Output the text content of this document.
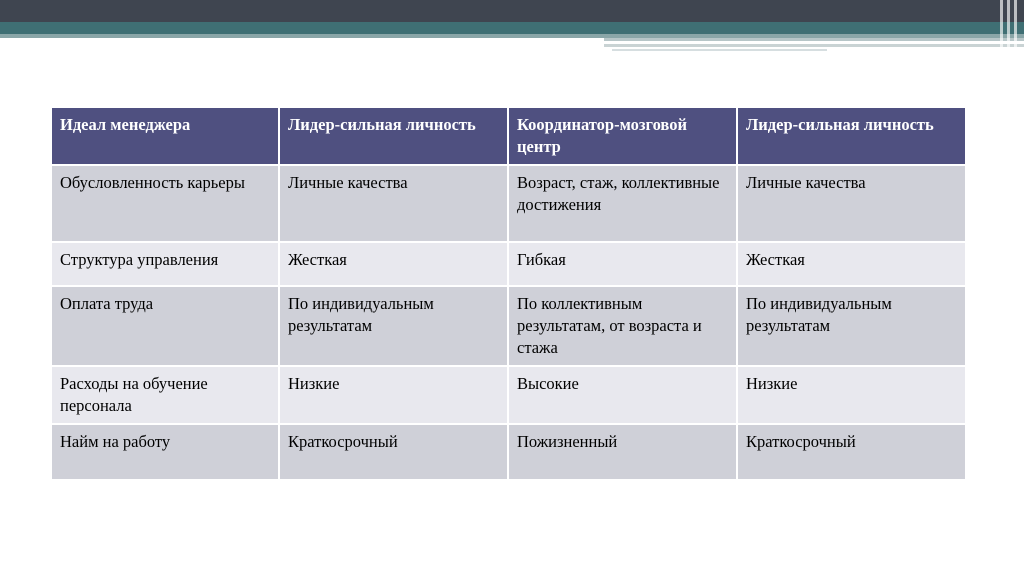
Идеал менеджера	Лидер-сильная личность	Координатор-мозговой центр	Лидер-сильная личность
Обусловленность карьеры	Личные качества	Возраст, стаж, коллективные достижения	Личные качества
Структура управления	Жесткая	Гибкая	Жесткая
Оплата труда	По индивидуальным результатам	По коллективным результатам, от возраста и стажа	По индивидуальным результатам
Расходы на обучение персонала	Низкие	Высокие	Низкие
Найм на работу	Краткосрочный	Пожизненный	Краткосрочный
